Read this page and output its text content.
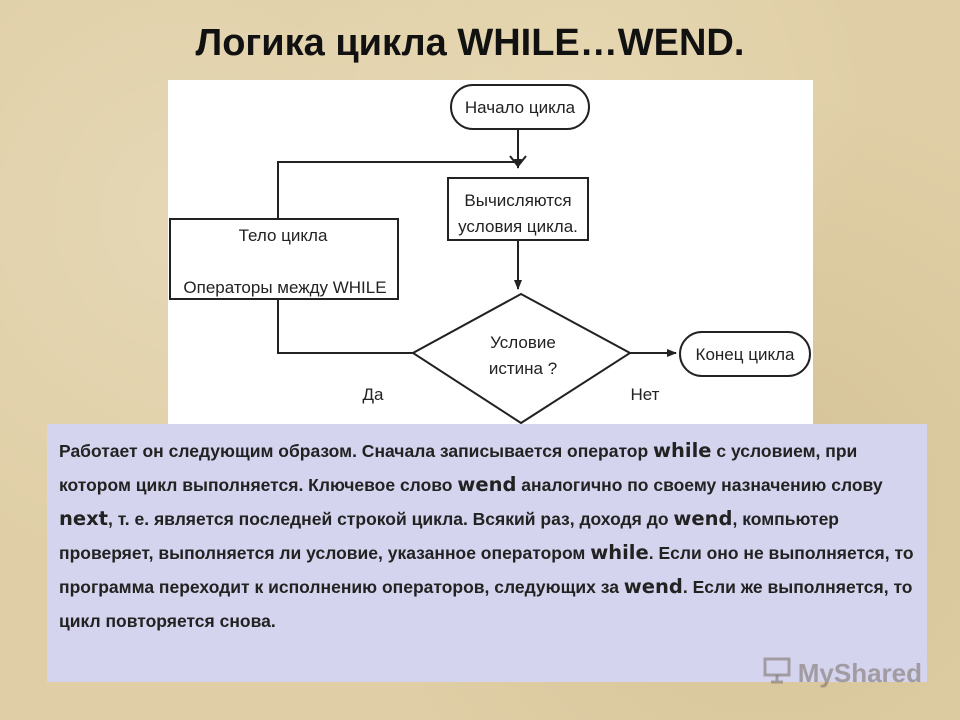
Логика цикла WHILE…WEND.
Начало цикла
Вычисляются
условия цикла.
Тело цикла
Операторы между WHILE
Условие
истина ?
Конец цикла
Да	Нет

Работает он следующим образом. Сначала записывается оператор while с условием, при котором цикл выполняется. Ключевое слово wend аналогично по своему назначению слову next, т. е. является последней строкой цикла. Всякий раз, доходя до wend, компьютер проверяет, выполняется ли условие, указанное оператором while. Если оно не выполняется, то программа переходит к исполнению операторов, следующих за wend. Если же выполняется, то цикл повторяется снова.

MyShared
